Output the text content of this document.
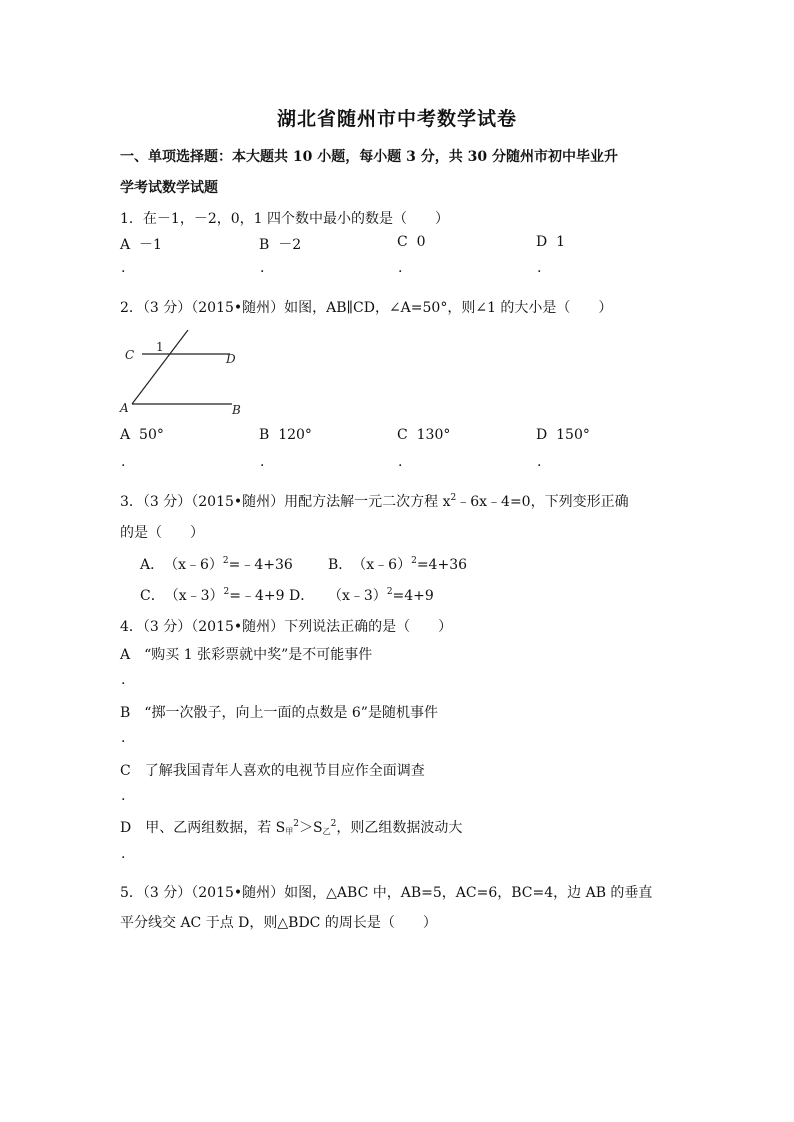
湖北省随州市中考数学试卷
一、单项选择题：本大题共 10 小题，每小题 3 分，共 30 分随州市初中毕业升
学考试数学试题
1．在－1，－2，0，1 四个数中最小的数是（　　）
A －1	B －2	C 0	D 1
.	.	.	.
2．（3 分）（2015•随州）如图，AB∥CD，∠A=50°，则∠1 的大小是（　　）
C	D
A	B
1
A 50°	B 120°	C 130°	D 150°
.	.	.	.
3．（3 分）（2015•随州）用配方法解一元二次方程 $x^2﹣6x﹣4=0$，下列变形正确
的是（　　）
A．　（x﹣6）$^2$=﹣4+36	B．　（x﹣6）$^2$=4+36
C．　（x﹣3）$^2$=﹣4+9 D． （x﹣3）$^2$=4+9
4．（3 分）（2015•随州）下列说法正确的是（　　）
A　“购买 1 张彩票就中奖”是不可能事件
.
B　“掷一次骰子，向上一面的点数是 6”是随机事件
.
C　了解我国青年人喜欢的电视节目应作全面调查
.
D　甲、乙两组数据，若 $S_甲^2>S_乙^2$，则乙组数据波动大
.
5．（3 分）（2015•随州）如图，△ABC 中，AB=5，AC=6，BC=4，边 AB 的垂直
平分线交 AC 于点 D，则△BDC 的周长是（　　）
